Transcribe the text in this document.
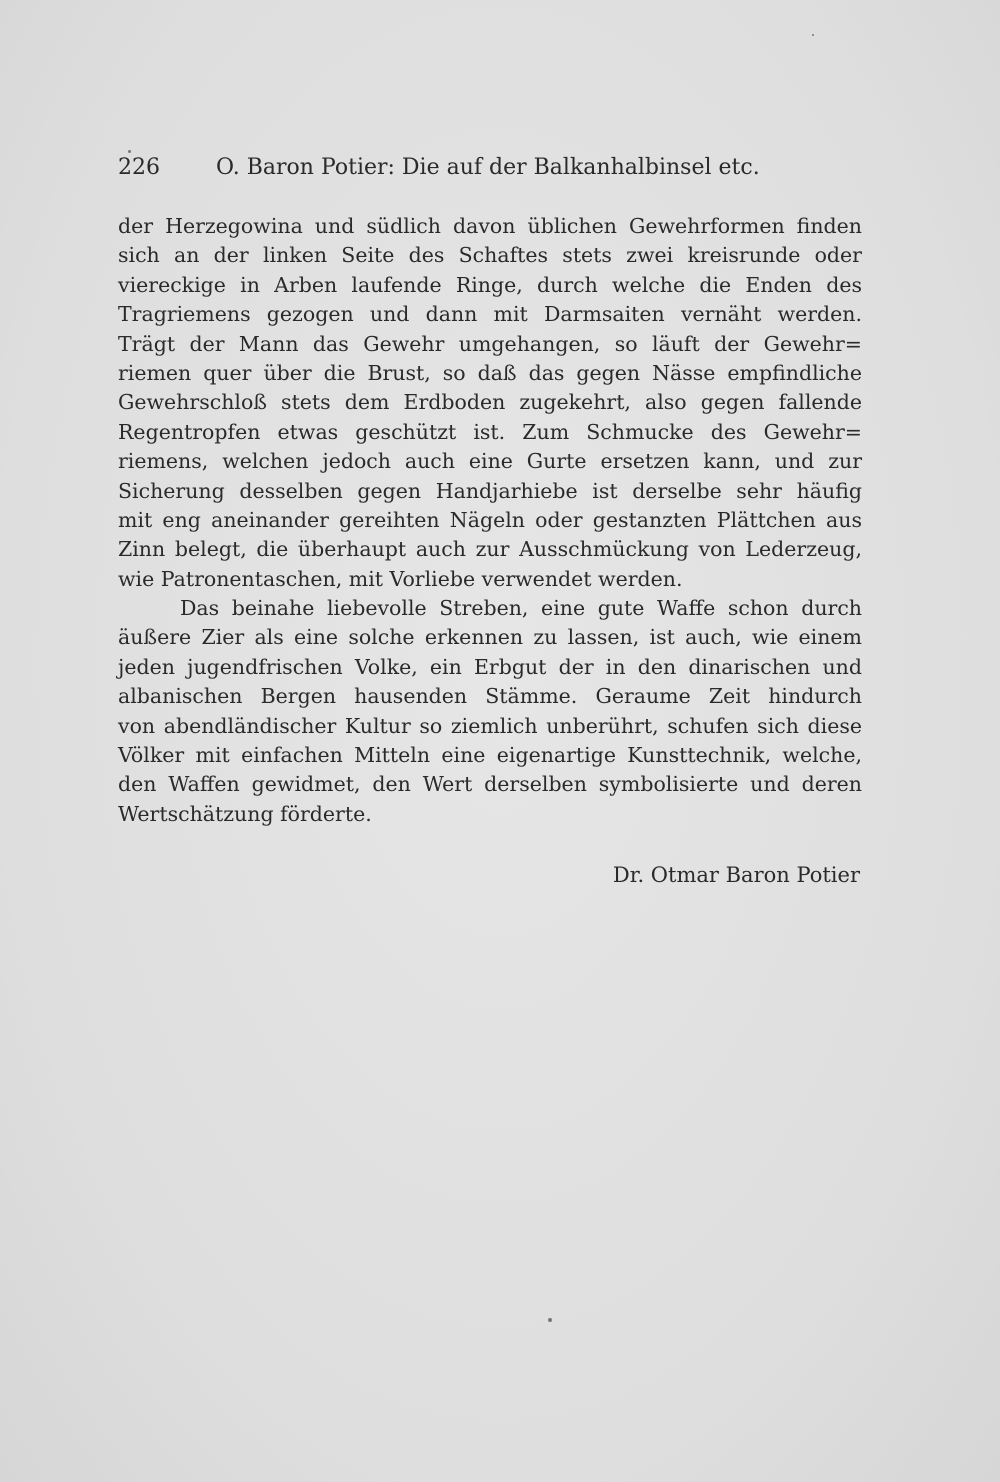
226	O. Baron Potier: Die auf der Balkanhalbinsel etc.
der Herzegowina und südlich davon üblichen Gewehrformen finden
sich an der linken Seite des Schaftes stets zwei kreisrunde oder
viereckige in Arben laufende Ringe, durch welche die Enden des
Tragriemens gezogen und dann mit Darmsaiten vernäht werden.
Trägt der Mann das Gewehr umgehangen, so läuft der Gewehr=
riemen quer über die Brust, so daß das gegen Nässe empfindliche
Gewehrschloß stets dem Erdboden zugekehrt, also gegen fallende
Regentropfen etwas geschützt ist. Zum Schmucke des Gewehr=
riemens, welchen jedoch auch eine Gurte ersetzen kann, und zur
Sicherung desselben gegen Handjarhiebe ist derselbe sehr häufig
mit eng aneinander gereihten Nägeln oder gestanzten Plättchen aus
Zinn belegt, die überhaupt auch zur Ausschmückung von Lederzeug,
wie Patronentaschen, mit Vorliebe verwendet werden.
Das beinahe liebevolle Streben, eine gute Waffe schon durch
äußere Zier als eine solche erkennen zu lassen, ist auch, wie einem
jeden jugendfrischen Volke, ein Erbgut der in den dinarischen und
albanischen Bergen hausenden Stämme. Geraume Zeit hindurch
von abendländischer Kultur so ziemlich unberührt, schufen sich diese
Völker mit einfachen Mitteln eine eigenartige Kunsttechnik, welche,
den Waffen gewidmet, den Wert derselben symbolisierte und deren
Wertschätzung förderte.
Dr. Otmar Baron Potier
